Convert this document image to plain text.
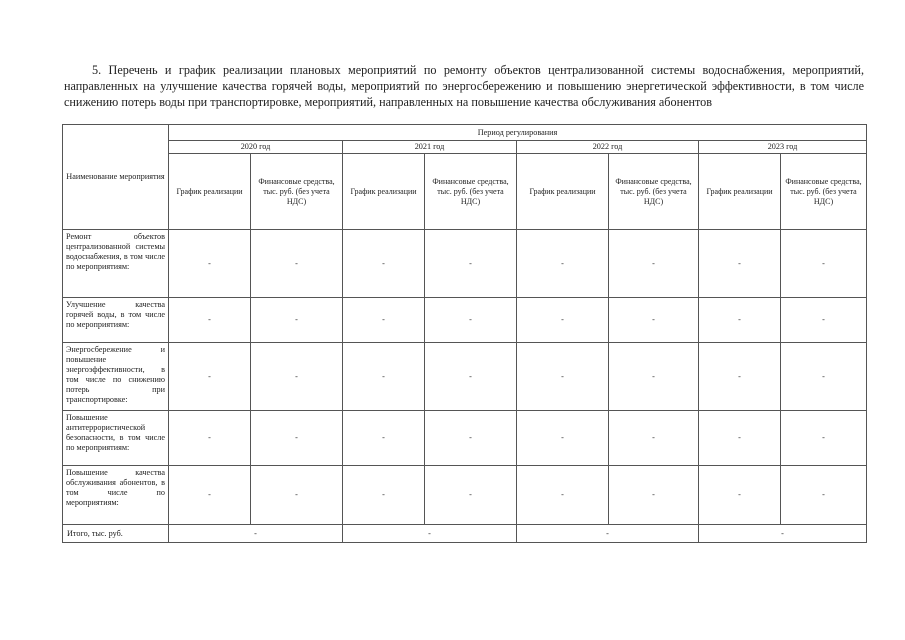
5. Перечень и график реализации плановых мероприятий по ремонту объектов централизованной системы водоснабжения, мероприятий, направленных на улучшение качества горячей воды, мероприятий по энергосбережению и повышению энергетической эффективности, в том числе снижению потерь воды при транспортировке, мероприятий, направленных на повышение качества обслуживания абонентов
Наименование мероприятия	Период регулирования							
	2020 год		2021 год		2022 год		2023 год	
	График реализации	Финансовые средства, тыс. руб. (без учета НДС)	График реализации	Финансовые средства, тыс. руб. (без учета НДС)	График реализации	Финансовые средства, тыс. руб. (без учета НДС)	График реализации	Финансовые средства, тыс. руб. (без учета НДС)
Ремонт объектов централизованной системы водоснабжения, в том числе по мероприятиям:	-	-	-	-	-	-	-	-
Улучшение качества горячей воды, в том числе по мероприятиям:	-	-	-	-	-	-	-	-
Энергосбережение и повышение энергоэффективности, в том числе по снижению потерь при транспортировке:	-	-	-	-	-	-	-	-
Повышение антитеррористической безопасности, в том числе по мероприятиям:	-	-	-	-	-	-	-	-
Повышение качества обслуживания абонентов, в том числе по мероприятиям:	-	-	-	-	-	-	-	-
Итого, тыс. руб.	-		-		-		-	
